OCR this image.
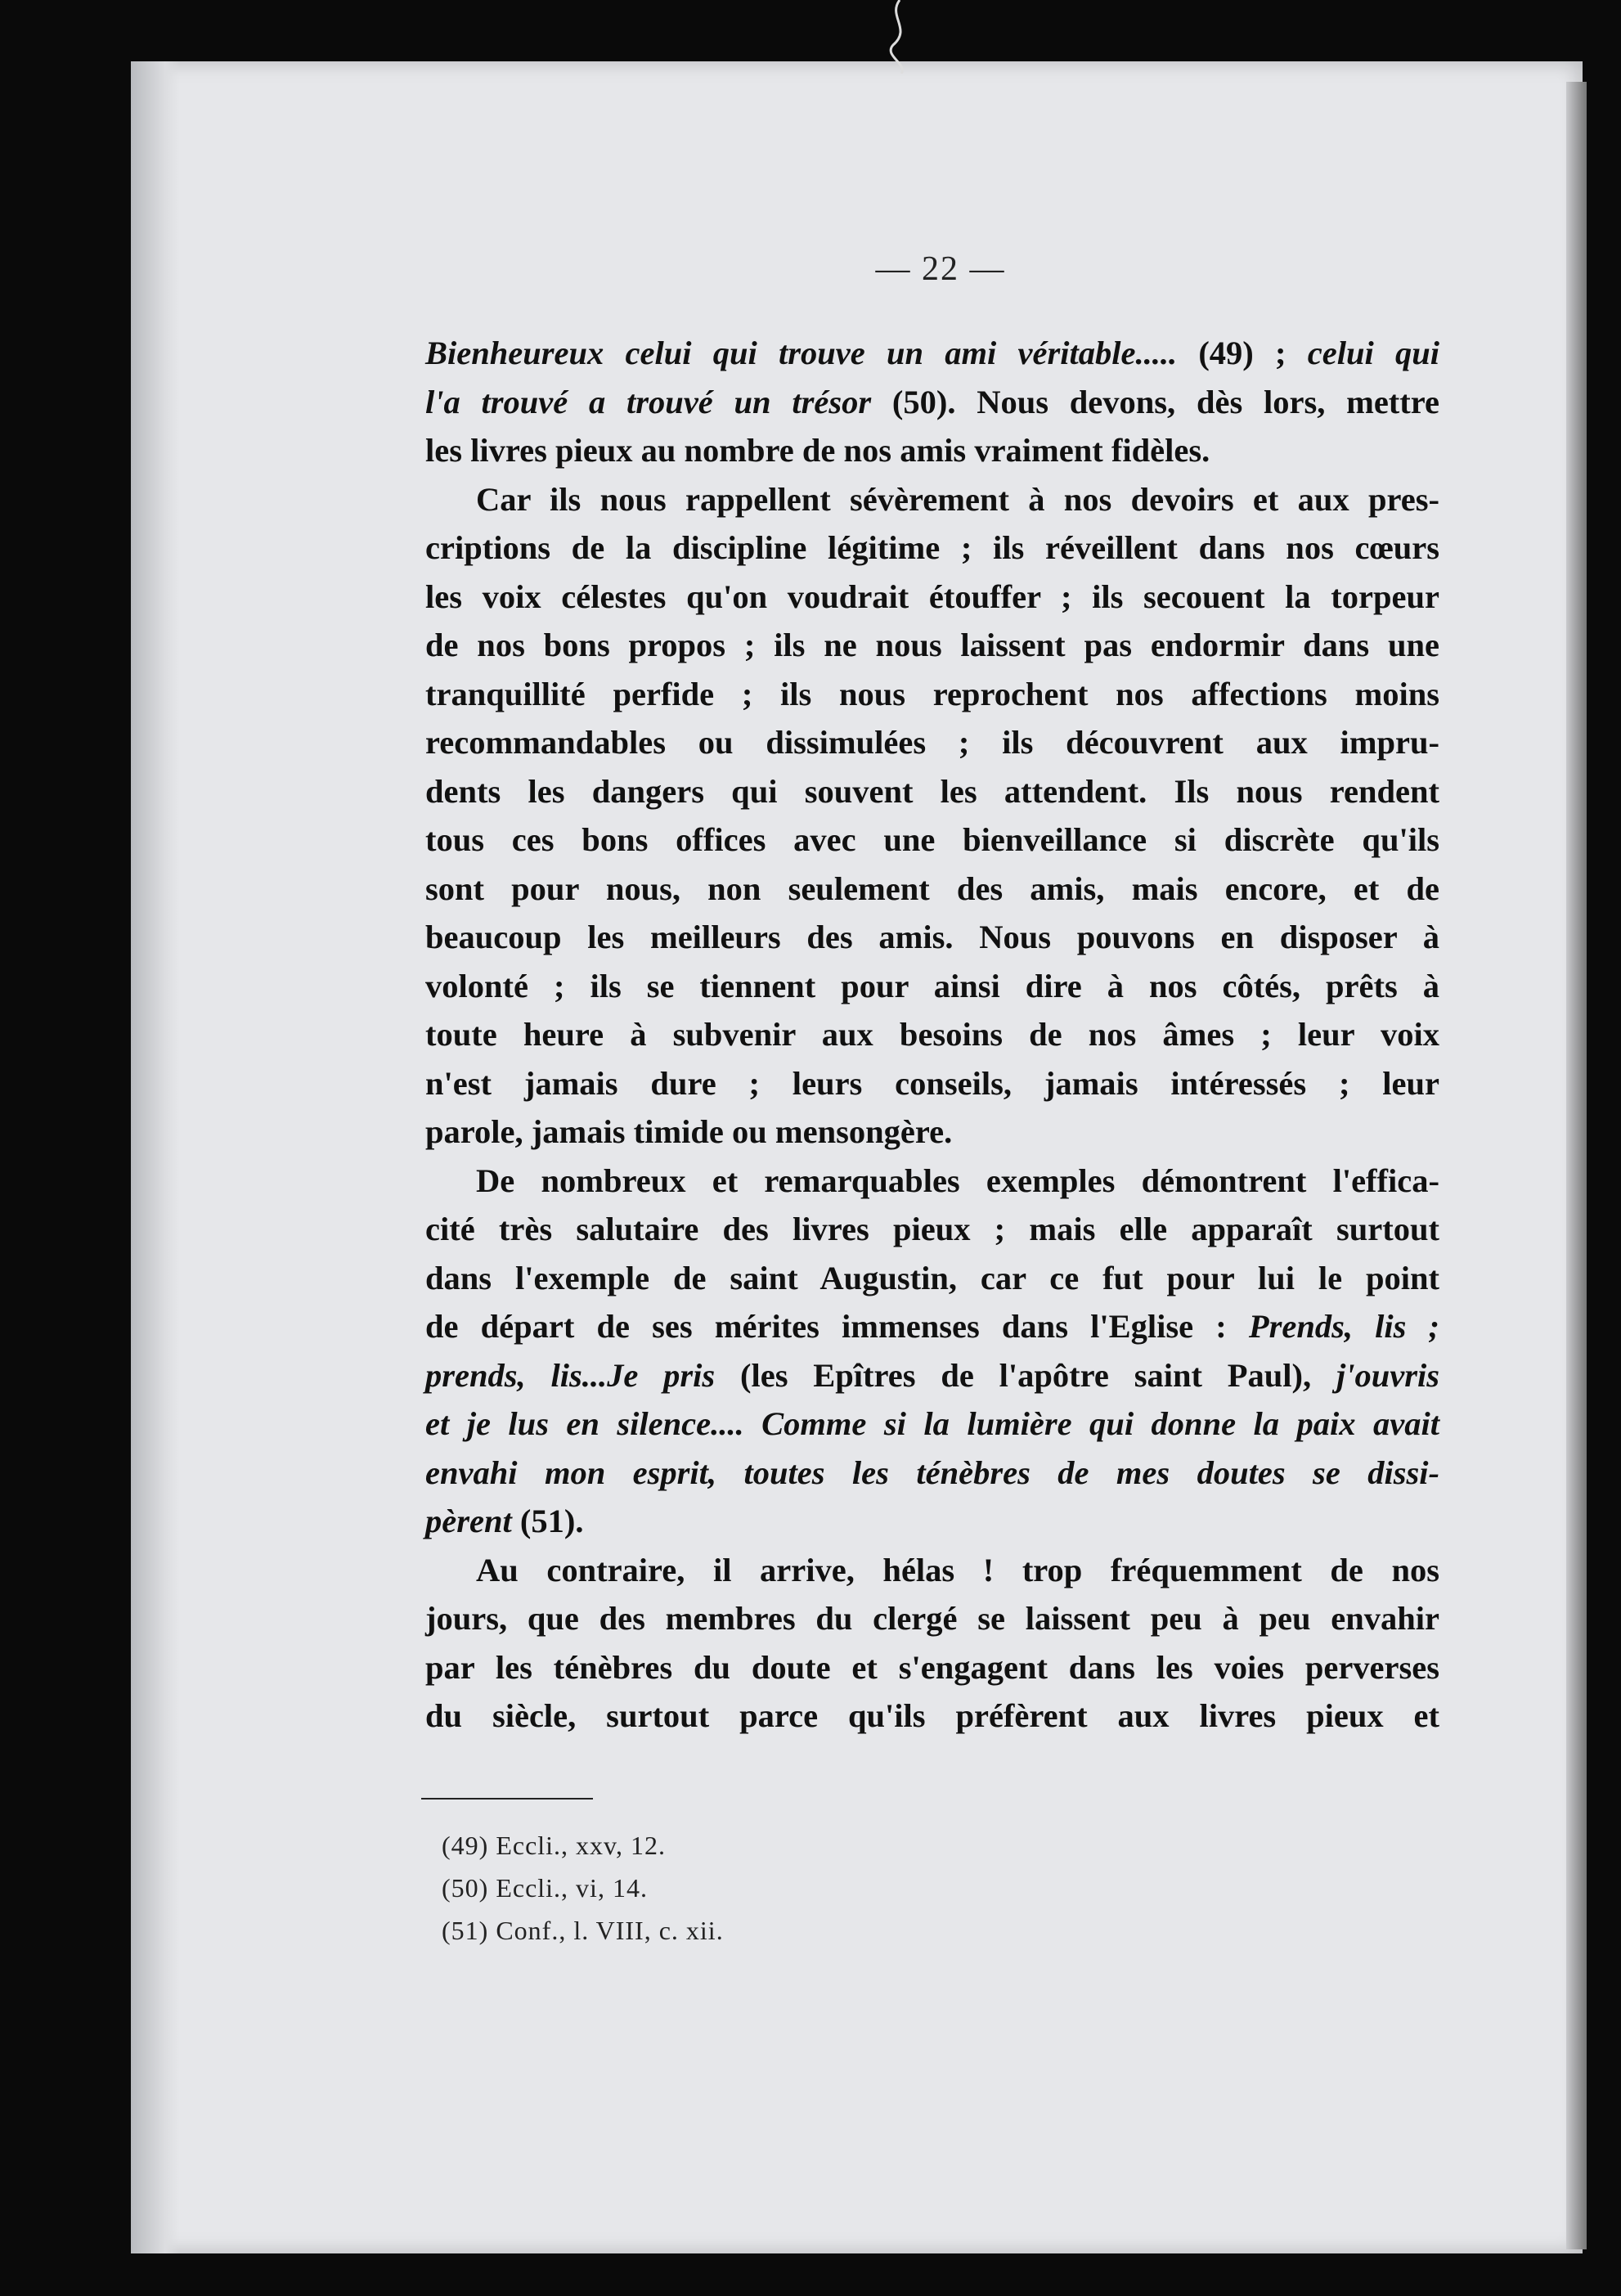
— 22 —
Bienheureux celui qui trouve un ami véritable..... (49) ; celui qui
l'a trouvé a trouvé un trésor (50). Nous devons, dès lors, mettre
les livres pieux au nombre de nos amis vraiment fidèles.
Car ils nous rappellent sévèrement à nos devoirs et aux pres-
criptions de la discipline légitime ; ils réveillent dans nos cœurs
les voix célestes qu'on voudrait étouffer ; ils secouent la torpeur
de nos bons propos ; ils ne nous laissent pas endormir dans une
tranquillité perfide ; ils nous reprochent nos affections moins
recommandables ou dissimulées ; ils découvrent aux impru-
dents les dangers qui souvent les attendent. Ils nous rendent
tous ces bons offices avec une bienveillance si discrète qu'ils
sont pour nous, non seulement des amis, mais encore, et de
beaucoup les meilleurs des amis. Nous pouvons en disposer à
volonté ; ils se tiennent pour ainsi dire à nos côtés, prêts à
toute heure à subvenir aux besoins de nos âmes ; leur voix
n'est jamais dure ; leurs conseils, jamais intéressés ; leur
parole, jamais timide ou mensongère.
De nombreux et remarquables exemples démontrent l'effica-
cité très salutaire des livres pieux ; mais elle apparaît surtout
dans l'exemple de saint Augustin, car ce fut pour lui le point
de départ de ses mérites immenses dans l'Eglise : Prends, lis ;
prends, lis...Je pris (les Epîtres de l'apôtre saint Paul), j'ouvris
et je lus en silence.... Comme si la lumière qui donne la paix avait
envahi mon esprit, toutes les ténèbres de mes doutes se dissi-
pèrent (51).
Au contraire, il arrive, hélas ! trop fréquemment de nos
jours, que des membres du clergé se laissent peu à peu envahir
par les ténèbres du doute et s'engagent dans les voies perverses
du siècle, surtout parce qu'ils préfèrent aux livres pieux et
(49) Eccli., xxv, 12.
(50) Eccli., vi, 14.
(51) Conf., l. VIII, c. xii.
